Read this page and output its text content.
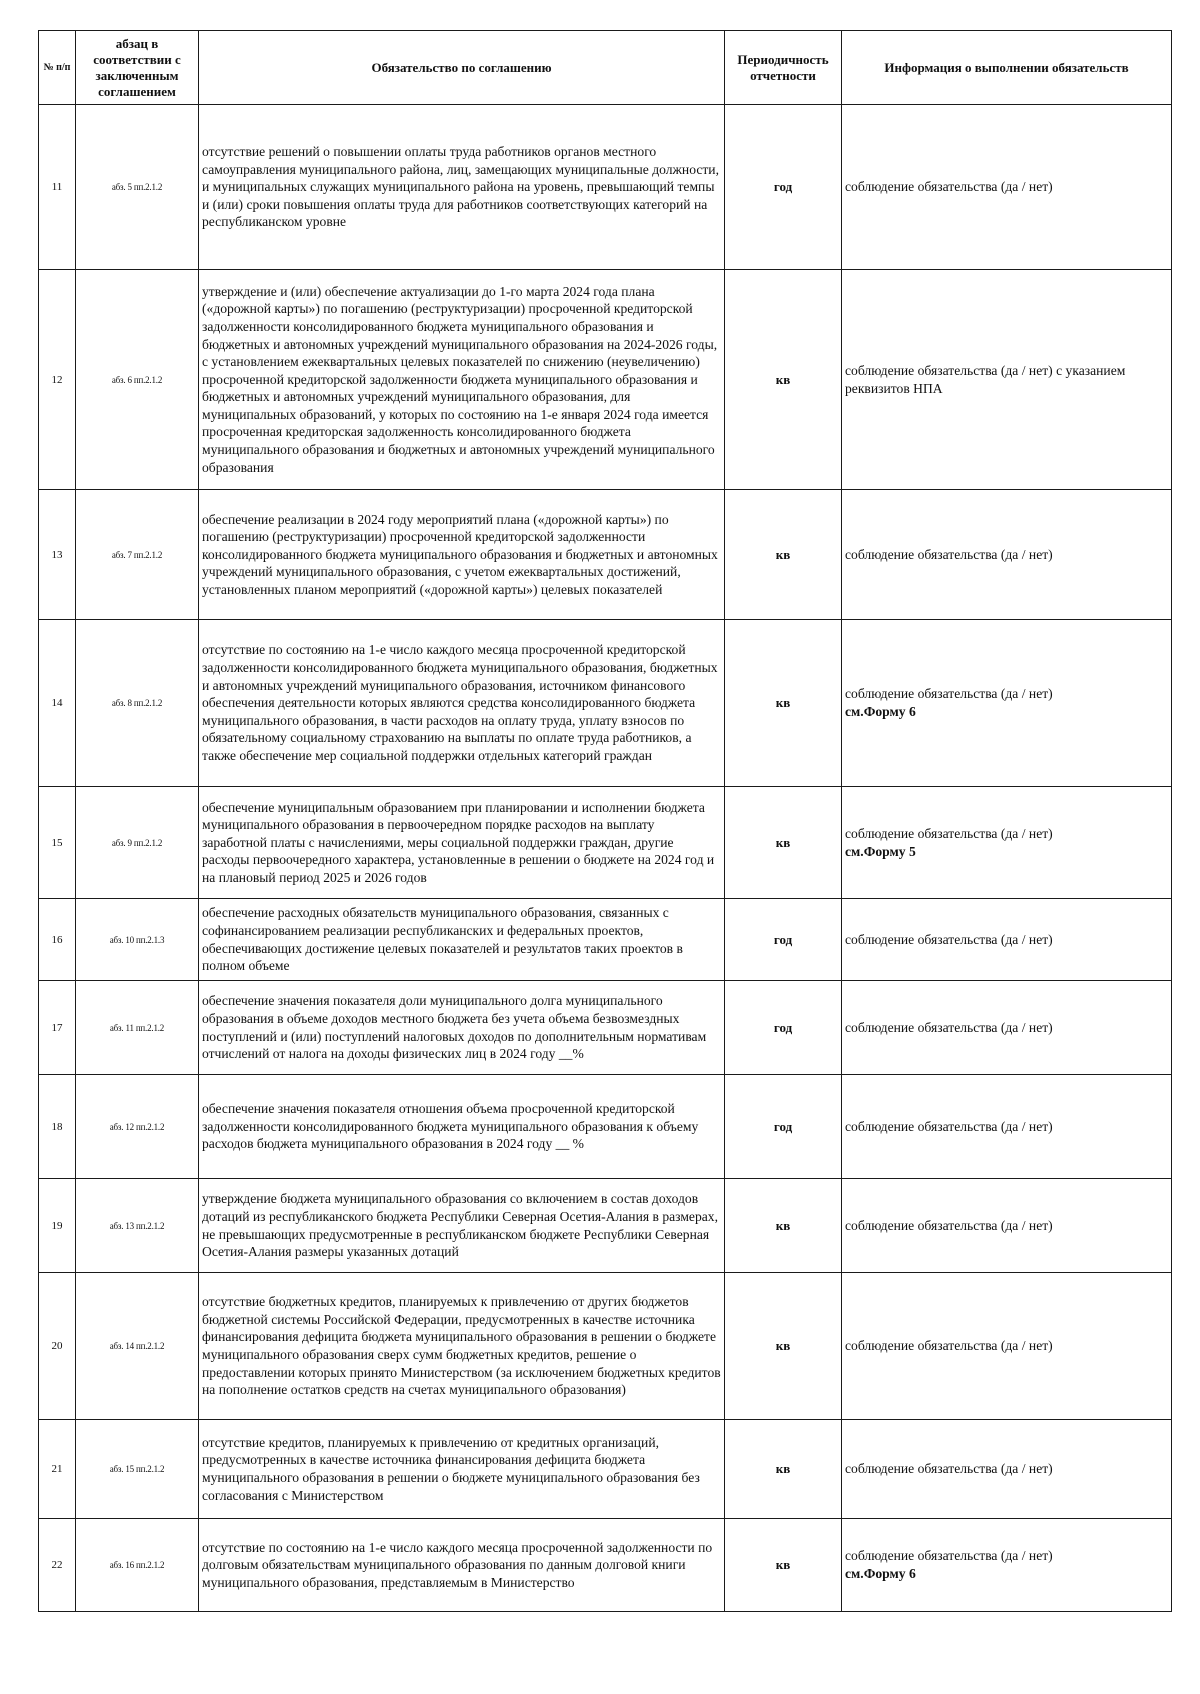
№ п/п	абзац в соответствии с заключенным соглашением	Обязательство по соглашению	Периодичность отчетности	Информация о выполнении обязательств
11	абз. 5 пп.2.1.2	отсутствие решений о повышении оплаты труда работников органов местного самоуправления муниципального района, лиц, замещающих муниципальные должности, и муниципальных служащих муниципального района на уровень, превышающий темпы и (или) сроки повышения оплаты труда для работников соответствующих категорий на республиканском уровне	год	соблюдение обязательства (да / нет)
12	абз. 6 пп.2.1.2	утверждение и (или) обеспечение актуализации до 1-го марта 2024 года плана («дорожной карты») по погашению (реструктуризации) просроченной кредиторской задолженности консолидированного бюджета муниципального образования и бюджетных и автономных учреждений муниципального образования на 2024-2026 годы, с установлением ежеквартальных целевых показателей по снижению (неувеличению) просроченной кредиторской задолженности бюджета муниципального образования и бюджетных и автономных учреждений муниципального образования, для муниципальных образований, у которых по состоянию на 1-е января 2024 года имеется просроченная кредиторская задолженность консолидированного бюджета муниципального образования и бюджетных и автономных учреждений муниципального образования	кв	соблюдение обязательства (да / нет) с указанием реквизитов НПА
13	абз. 7 пп.2.1.2	обеспечение реализации в 2024 году мероприятий плана («дорожной карты») по погашению (реструктуризации) просроченной кредиторской задолженности консолидированного бюджета муниципального образования и бюджетных и автономных учреждений муниципального образования, с учетом ежеквартальных достижений, установленных планом мероприятий («дорожной карты») целевых показателей	кв	соблюдение обязательства (да / нет)
14	абз. 8 пп.2.1.2	отсутствие по состоянию на 1-е число каждого месяца просроченной кредиторской задолженности консолидированного бюджета муниципального образования, бюджетных и автономных учреждений муниципального образования, источником финансового обеспечения деятельности которых являются средства консолидированного бюджета муниципального образования, в части расходов на оплату труда, уплату взносов по обязательному социальному страхованию на выплаты по оплате труда работников, а также обеспечение мер социальной поддержки отдельных категорий граждан	кв	соблюдение обязательства (да / нет)
см.Форму 6

15	абз. 9 пп.2.1.2	обеспечение муниципальным образованием при планировании и исполнении бюджета муниципального образования в первоочередном порядке расходов на выплату заработной платы с начислениями, меры социальной поддержки граждан, другие расходы первоочередного характера, установленные в решении о бюджете на 2024 год и на плановый период 2025 и 2026 годов	кв	соблюдение обязательства (да / нет)
см.Форму 5

16	абз. 10 пп.2.1.3	обеспечение расходных обязательств муниципального образования, связанных с софинансированием реализации республиканских и федеральных проектов, обеспечивающих достижение целевых показателей и результатов таких проектов в полном объеме	год	соблюдение обязательства (да / нет)
17	абз. 11 пп.2.1.2	обеспечение значения показателя доли муниципального долга муниципального образования в объеме доходов местного бюджета без учета объема безвозмездных поступлений и (или) поступлений налоговых доходов по дополнительным нормативам отчислений от налога на доходы физических лиц в 2024 году __%	год	соблюдение обязательства (да / нет)
18	абз. 12 пп.2.1.2	обеспечение значения показателя отношения объема просроченной кредиторской задолженности консолидированного бюджета муниципального образования к объему расходов бюджета муниципального образования в 2024 году __ %	год	соблюдение обязательства (да / нет)
19	абз. 13 пп.2.1.2	утверждение бюджета муниципального образования со включением в состав доходов дотаций из республиканского бюджета Республики Северная Осетия-Алания в размерах, не превышающих предусмотренные в республиканском бюджете Республики Северная Осетия-Алания размеры указанных дотаций	кв	соблюдение обязательства (да / нет)
20	абз. 14 пп.2.1.2	отсутствие бюджетных кредитов, планируемых к привлечению от других бюджетов бюджетной системы Российской Федерации, предусмотренных в качестве источника финансирования дефицита бюджета муниципального образования в решении о бюджете муниципального образования сверх сумм бюджетных кредитов, решение о предоставлении которых принято Министерством (за исключением бюджетных кредитов на пополнение остатков средств на счетах муниципального образования)	кв	соблюдение обязательства (да / нет)
21	абз. 15 пп.2.1.2	отсутствие кредитов, планируемых к привлечению от кредитных организаций, предусмотренных в качестве источника финансирования дефицита бюджета муниципального образования в решении о бюджете муниципального образования без согласования с Министерством	кв	соблюдение обязательства (да / нет)
22	абз. 16 пп.2.1.2	отсутствие по состоянию на 1-е число каждого месяца просроченной задолженности по долговым обязательствам муниципального образования по данным долговой книги муниципального образования, представляемым в Министерство	кв	соблюдение обязательства (да / нет)
см.Форму 6
